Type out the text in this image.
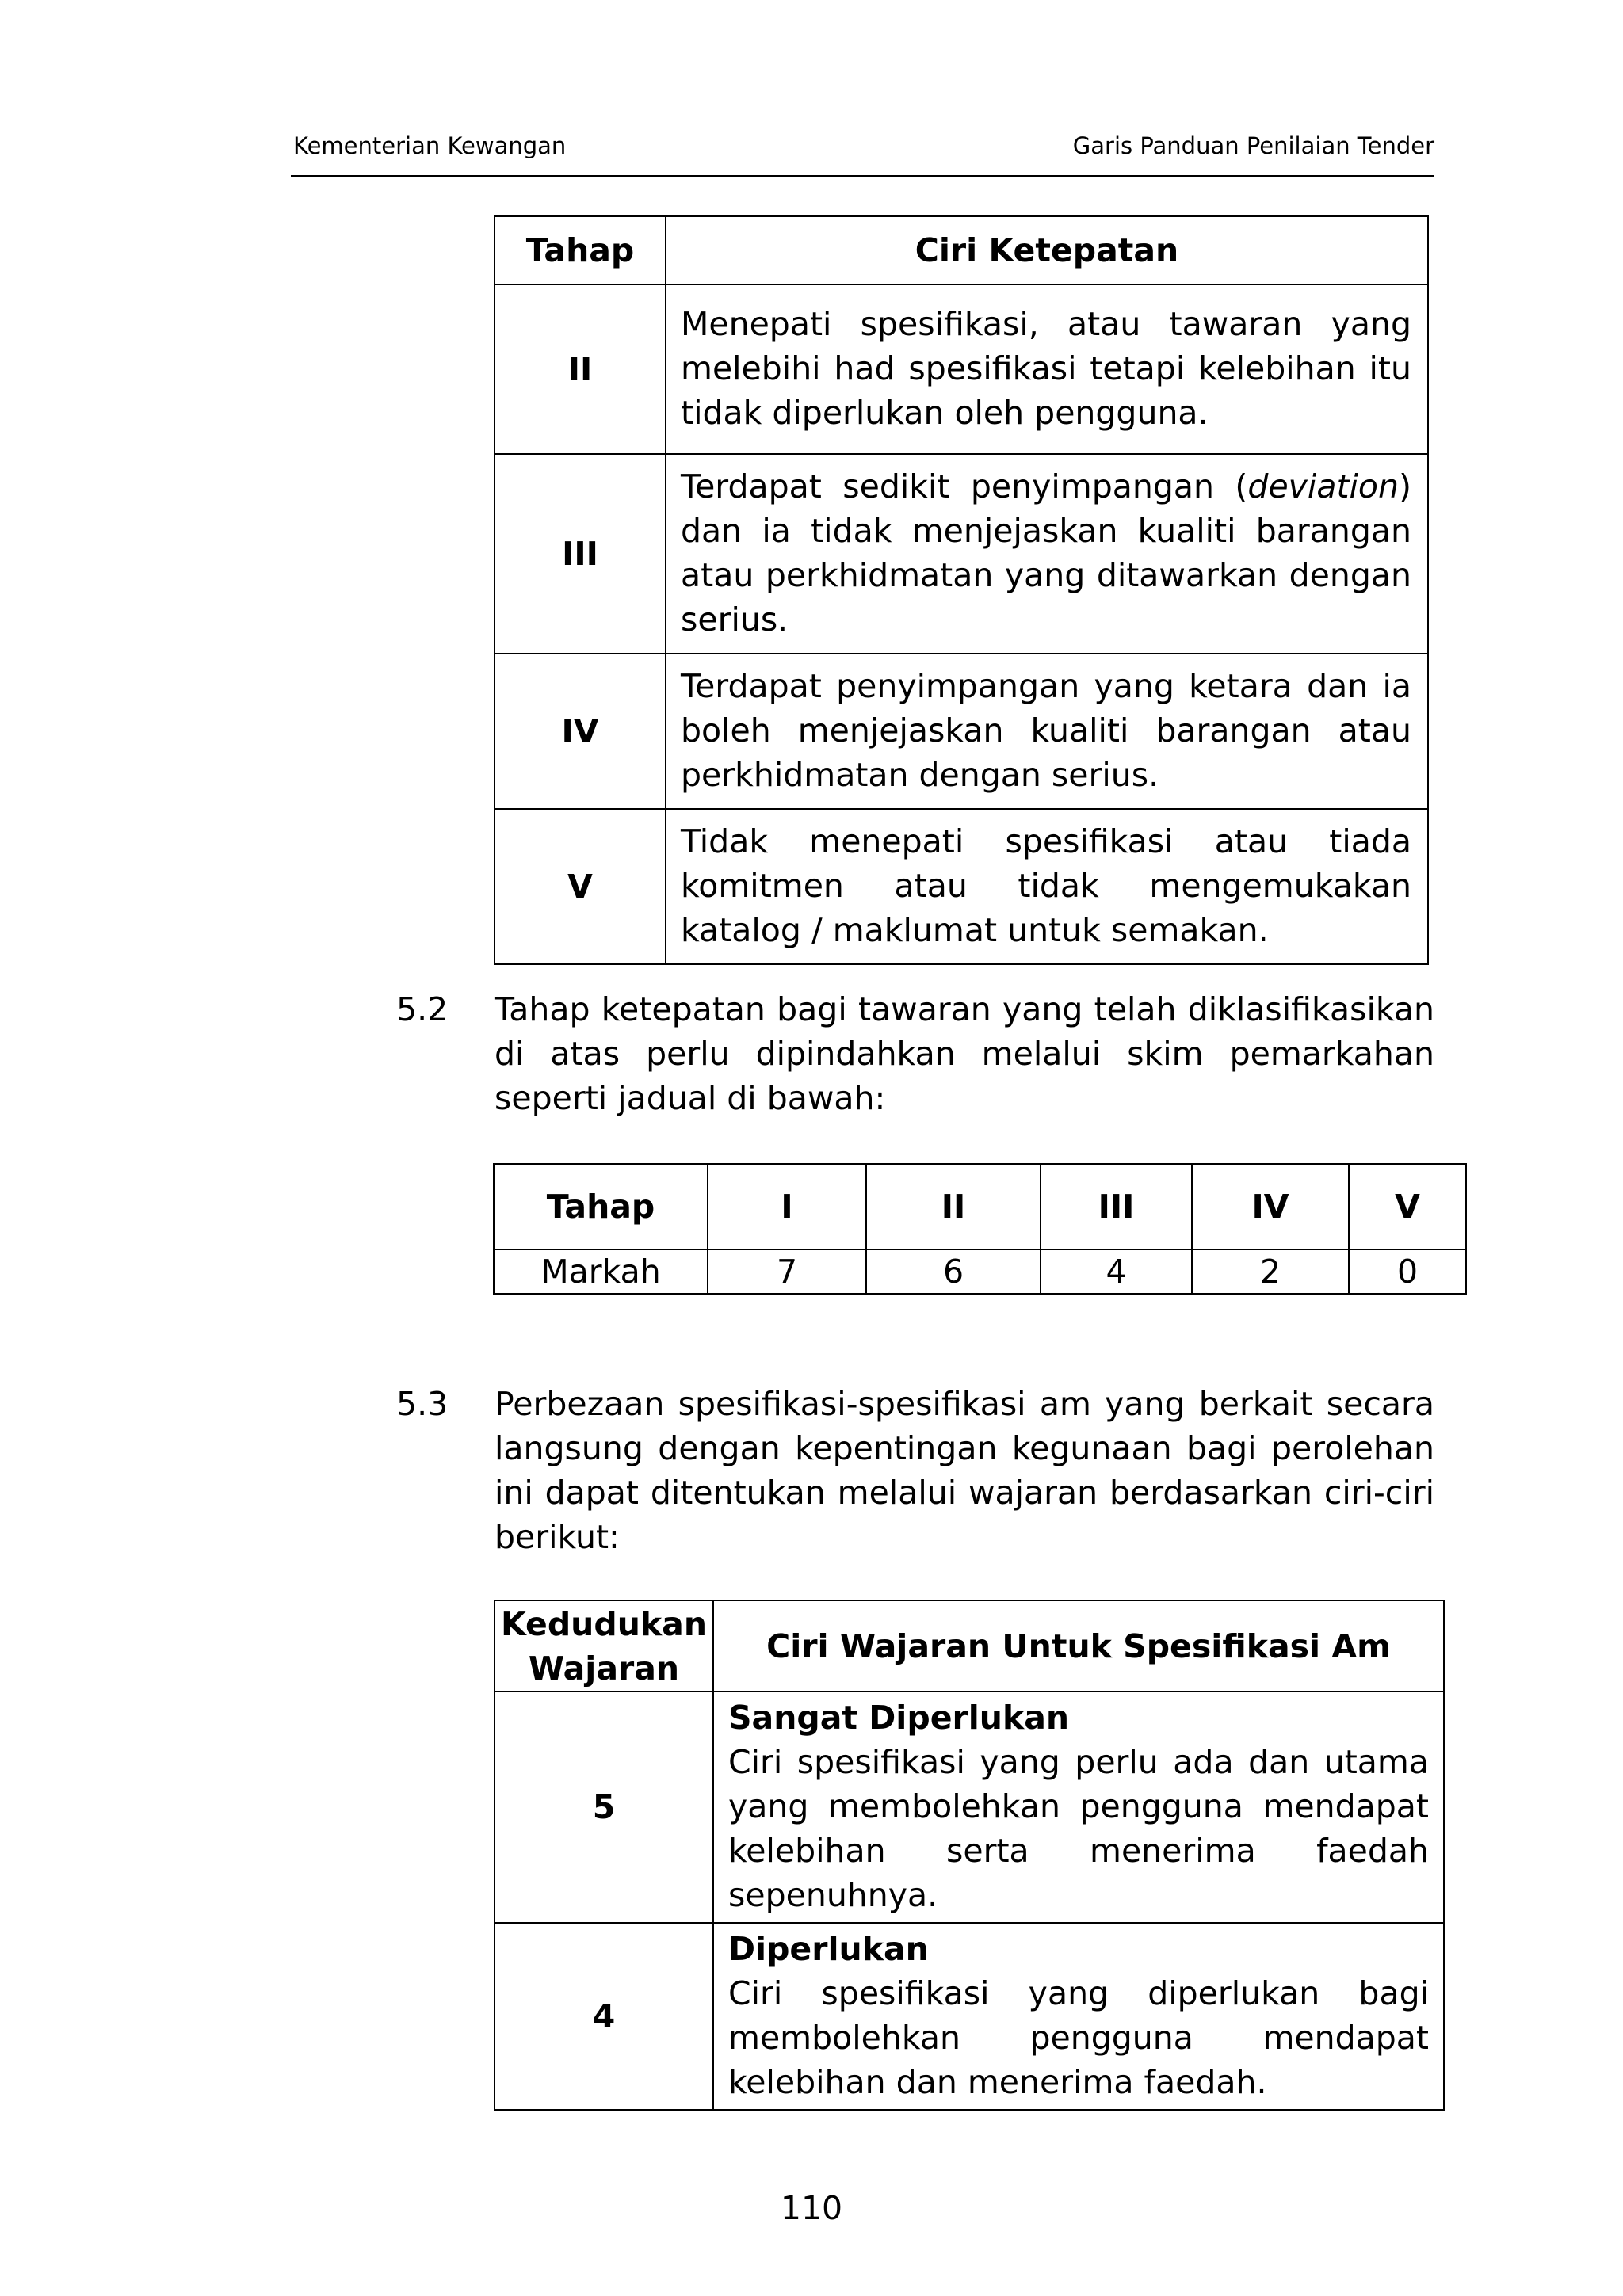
Kementerian Kewangan	Garis Panduan Penilaian Tender
Tahap	Ciri Ketepatan
II	Menepati spesifikasi, atau tawaran yang melebihi had spesifikasi tetapi kelebihan itu tidak diperlukan oleh pengguna.
III	Terdapat sedikit penyimpangan (deviation) dan ia tidak menjejaskan kualiti barangan atau perkhidmatan yang ditawarkan dengan serius.
IV	Terdapat penyimpangan yang ketara dan ia boleh menjejaskan kualiti barangan atau perkhidmatan dengan serius.
V	Tidak menepati spesifikasi atau tiada komitmen atau tidak mengemukakan katalog / maklumat untuk semakan.
5.2	Tahap ketepatan bagi tawaran yang telah diklasifikasikan di atas perlu dipindahkan melalui skim pemarkahan seperti jadual di bawah:
Tahap	I	II	III	IV	V
Markah	7	6	4	2	0
5.3	Perbezaan spesifikasi-spesifikasi am yang berkait secara langsung dengan kepentingan kegunaan bagi perolehan ini dapat ditentukan melalui wajaran berdasarkan ciri-ciri berikut:
Kedudukan Wajaran	Ciri Wajaran Untuk Spesifikasi Am
5	Sangat Diperlukan
Ciri spesifikasi yang perlu ada dan utama yang membolehkan pengguna mendapat kelebihan serta menerima faedah sepenuhnya.
4	Diperlukan
Ciri spesifikasi yang diperlukan bagi membolehkan pengguna mendapat kelebihan dan menerima faedah.
110
